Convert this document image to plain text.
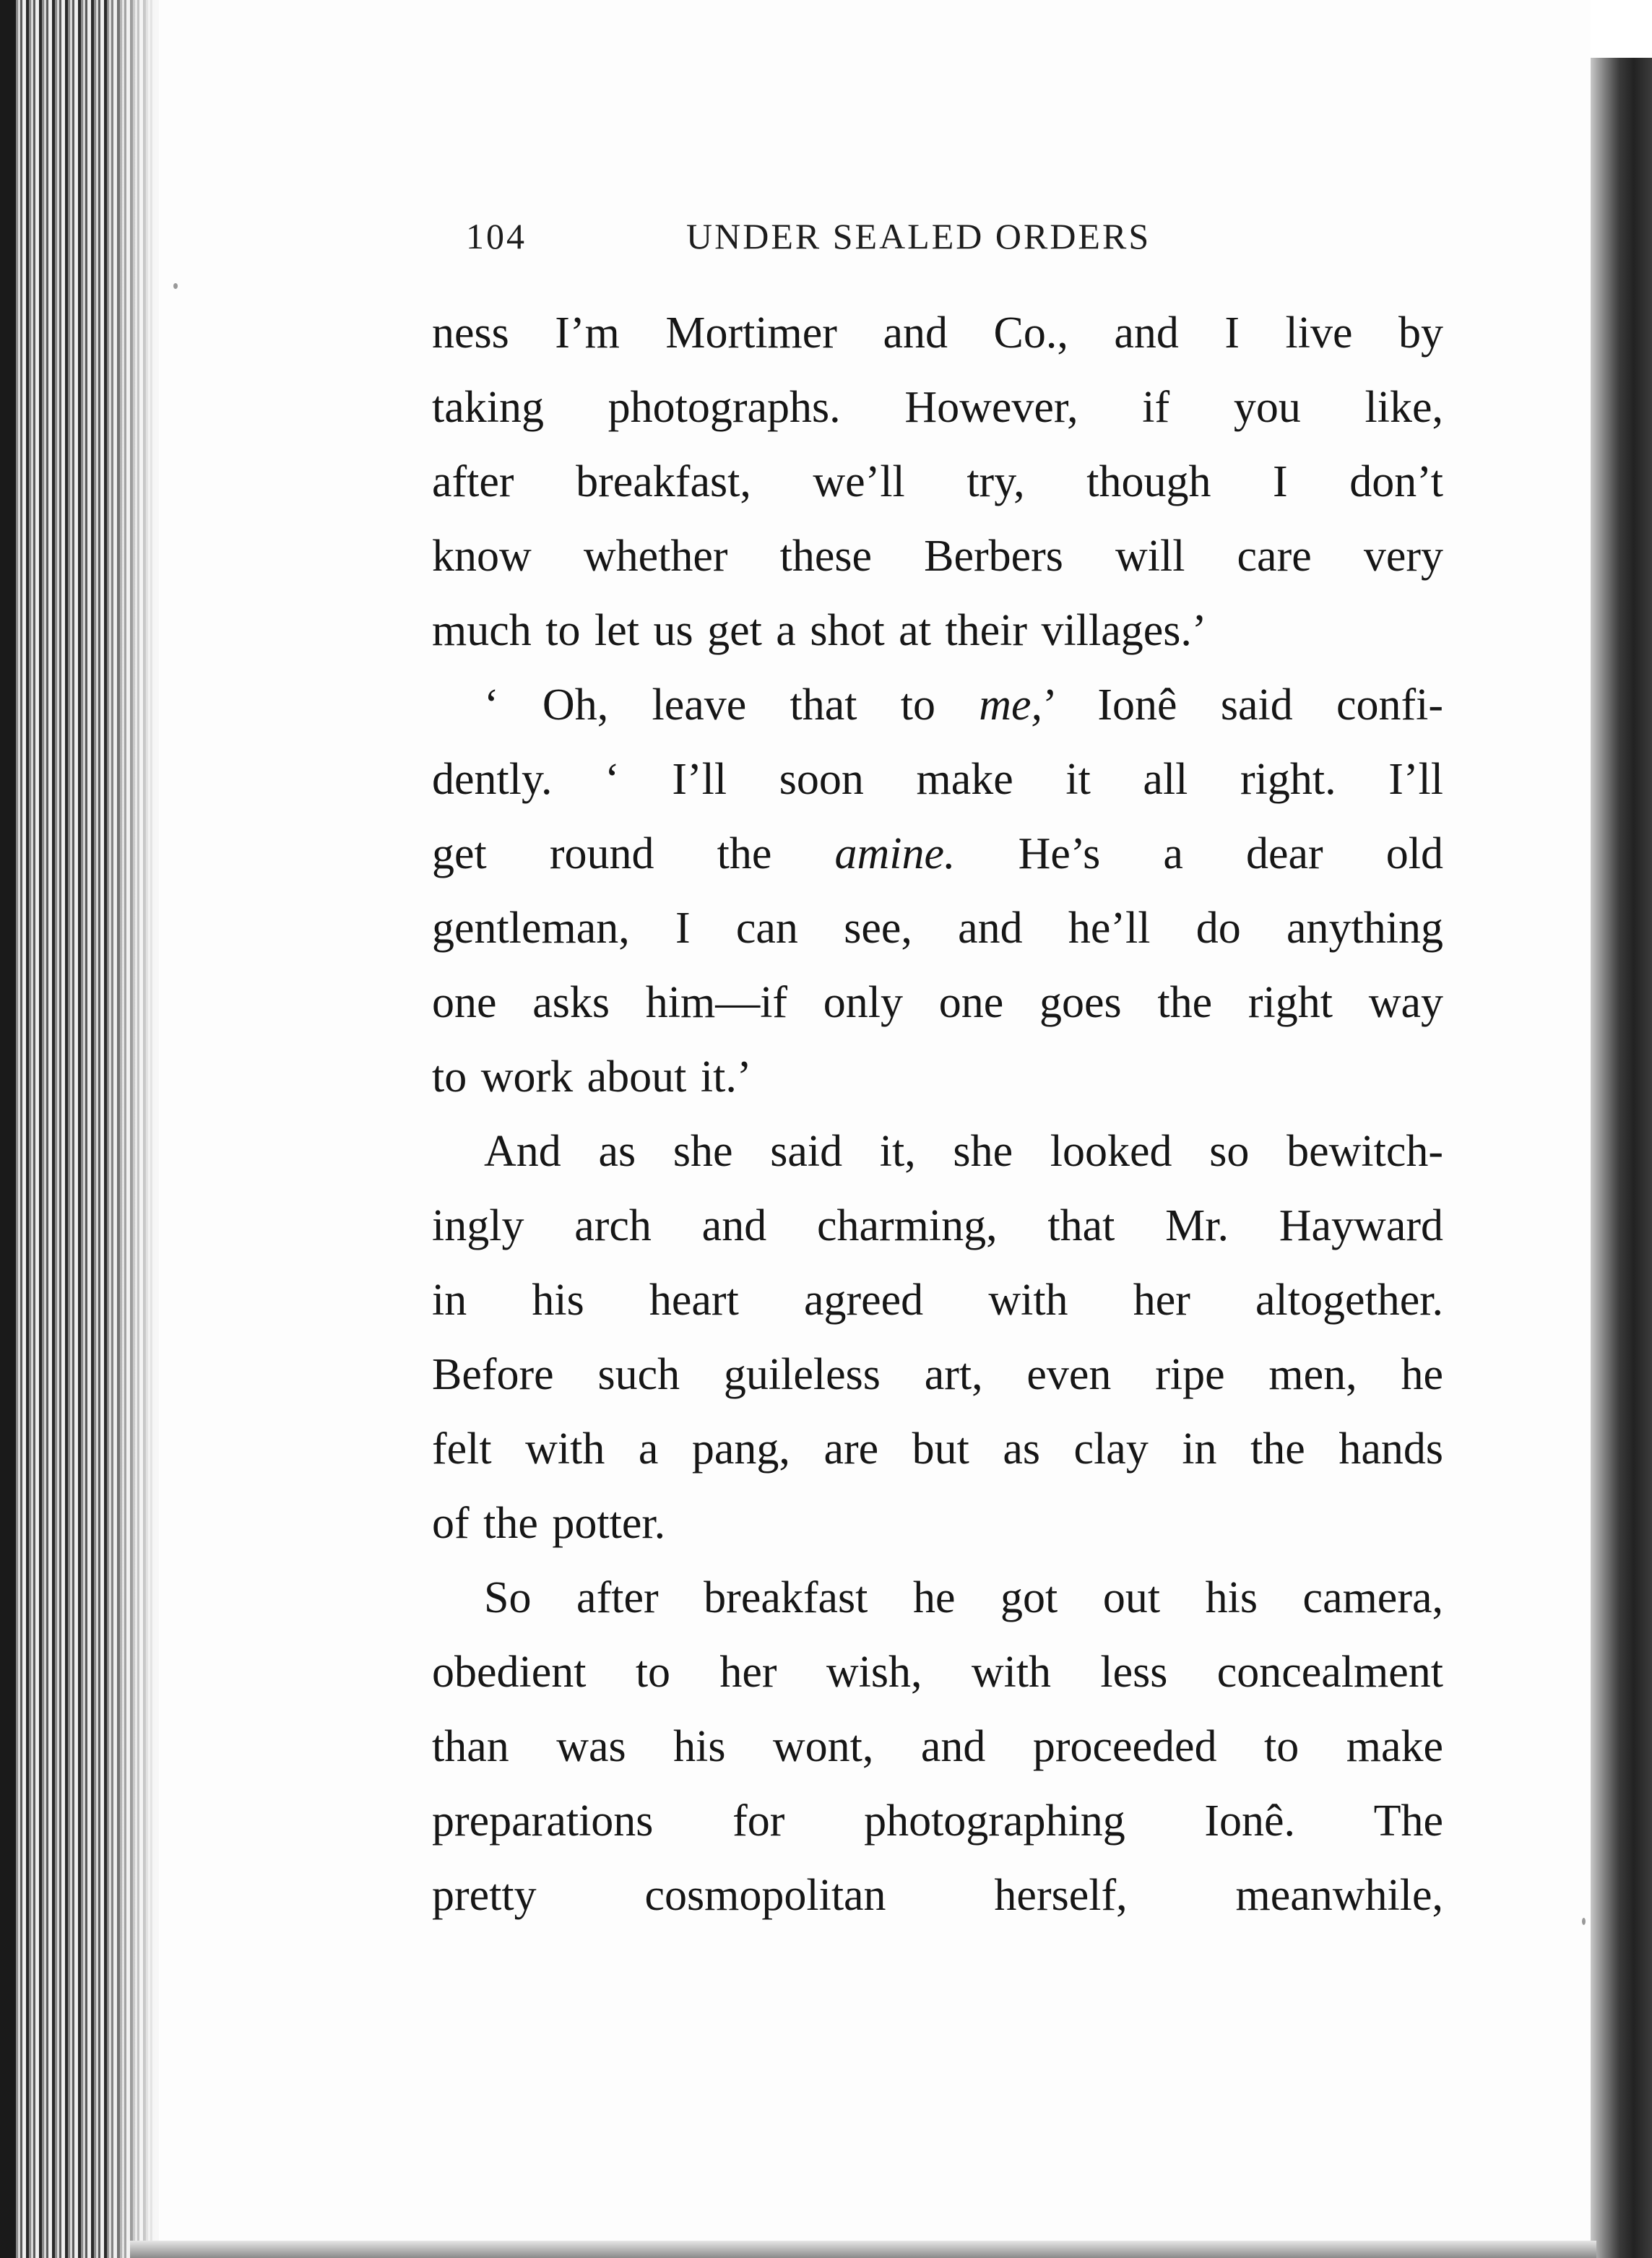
104	UNDER SEALED ORDERS
ness I’m Mortimer and Co., and I live by
taking photographs. However, if you like,
after breakfast, we’ll try, though I don’t
know whether these Berbers will care very
much to let us get a shot at their villages.’
‘ Oh, leave that to me,’ Ionê said confi-
dently. ‘ I’ll soon make it all right. I’ll
get round the amine. He’s a dear old
gentleman, I can see, and he’ll do anything
one asks him—if only one goes the right way
to work about it.’
And as she said it, she looked so bewitch-
ingly arch and charming, that Mr. Hayward
in his heart agreed with her altogether.
Before such guileless art, even ripe men, he
felt with a pang, are but as clay in the hands
of the potter.
So after breakfast he got out his camera,
obedient to her wish, with less concealment
than was his wont, and proceeded to make
preparations for photographing Ionê. The
pretty cosmopolitan herself, meanwhile,
